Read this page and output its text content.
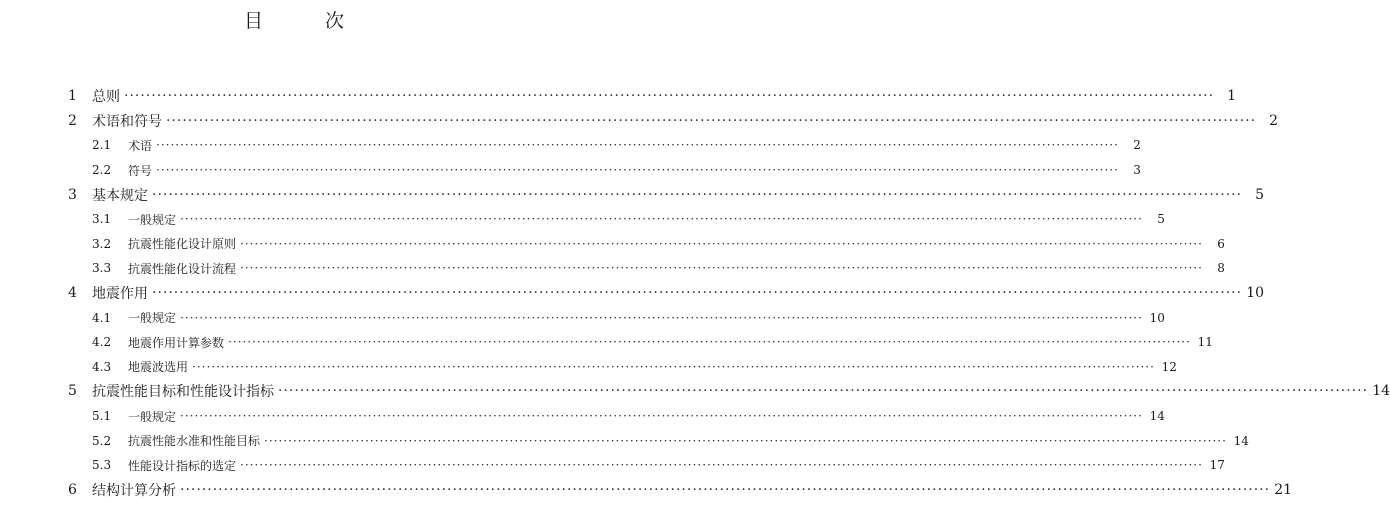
目 次
1 总则 ········································································································································································································ 1
2 术语和符号 ········································································································································································································ 2
2.1 术语 ········································································································································································································	2
2.2 符号 ········································································································································································································	3
3 基本规定 ········································································································································································································ 5
3.1 一般规定 ········································································································································································································	5
3.2 抗震性能化设计原则 ········································································································································································································	6
3.3 抗震性能化设计流程 ········································································································································································································	8
4 地震作用 ········································································································································································································ 10
4.1 一般规定 ········································································································································································································ 10
4.2 地震作用计算参数 ········································································································································································································ 11
4.3 地震波选用 ········································································································································································································ 12
5 抗震性能目标和性能设计指标 ········································································································································································································ 14
5.1 一般规定 ········································································································································································································ 14
5.2 抗震性能水准和性能目标 ········································································································································································································ 14
5.3 性能设计指标的选定 ········································································································································································································ 17
6 结构计算分析 ········································································································································································································ 21
